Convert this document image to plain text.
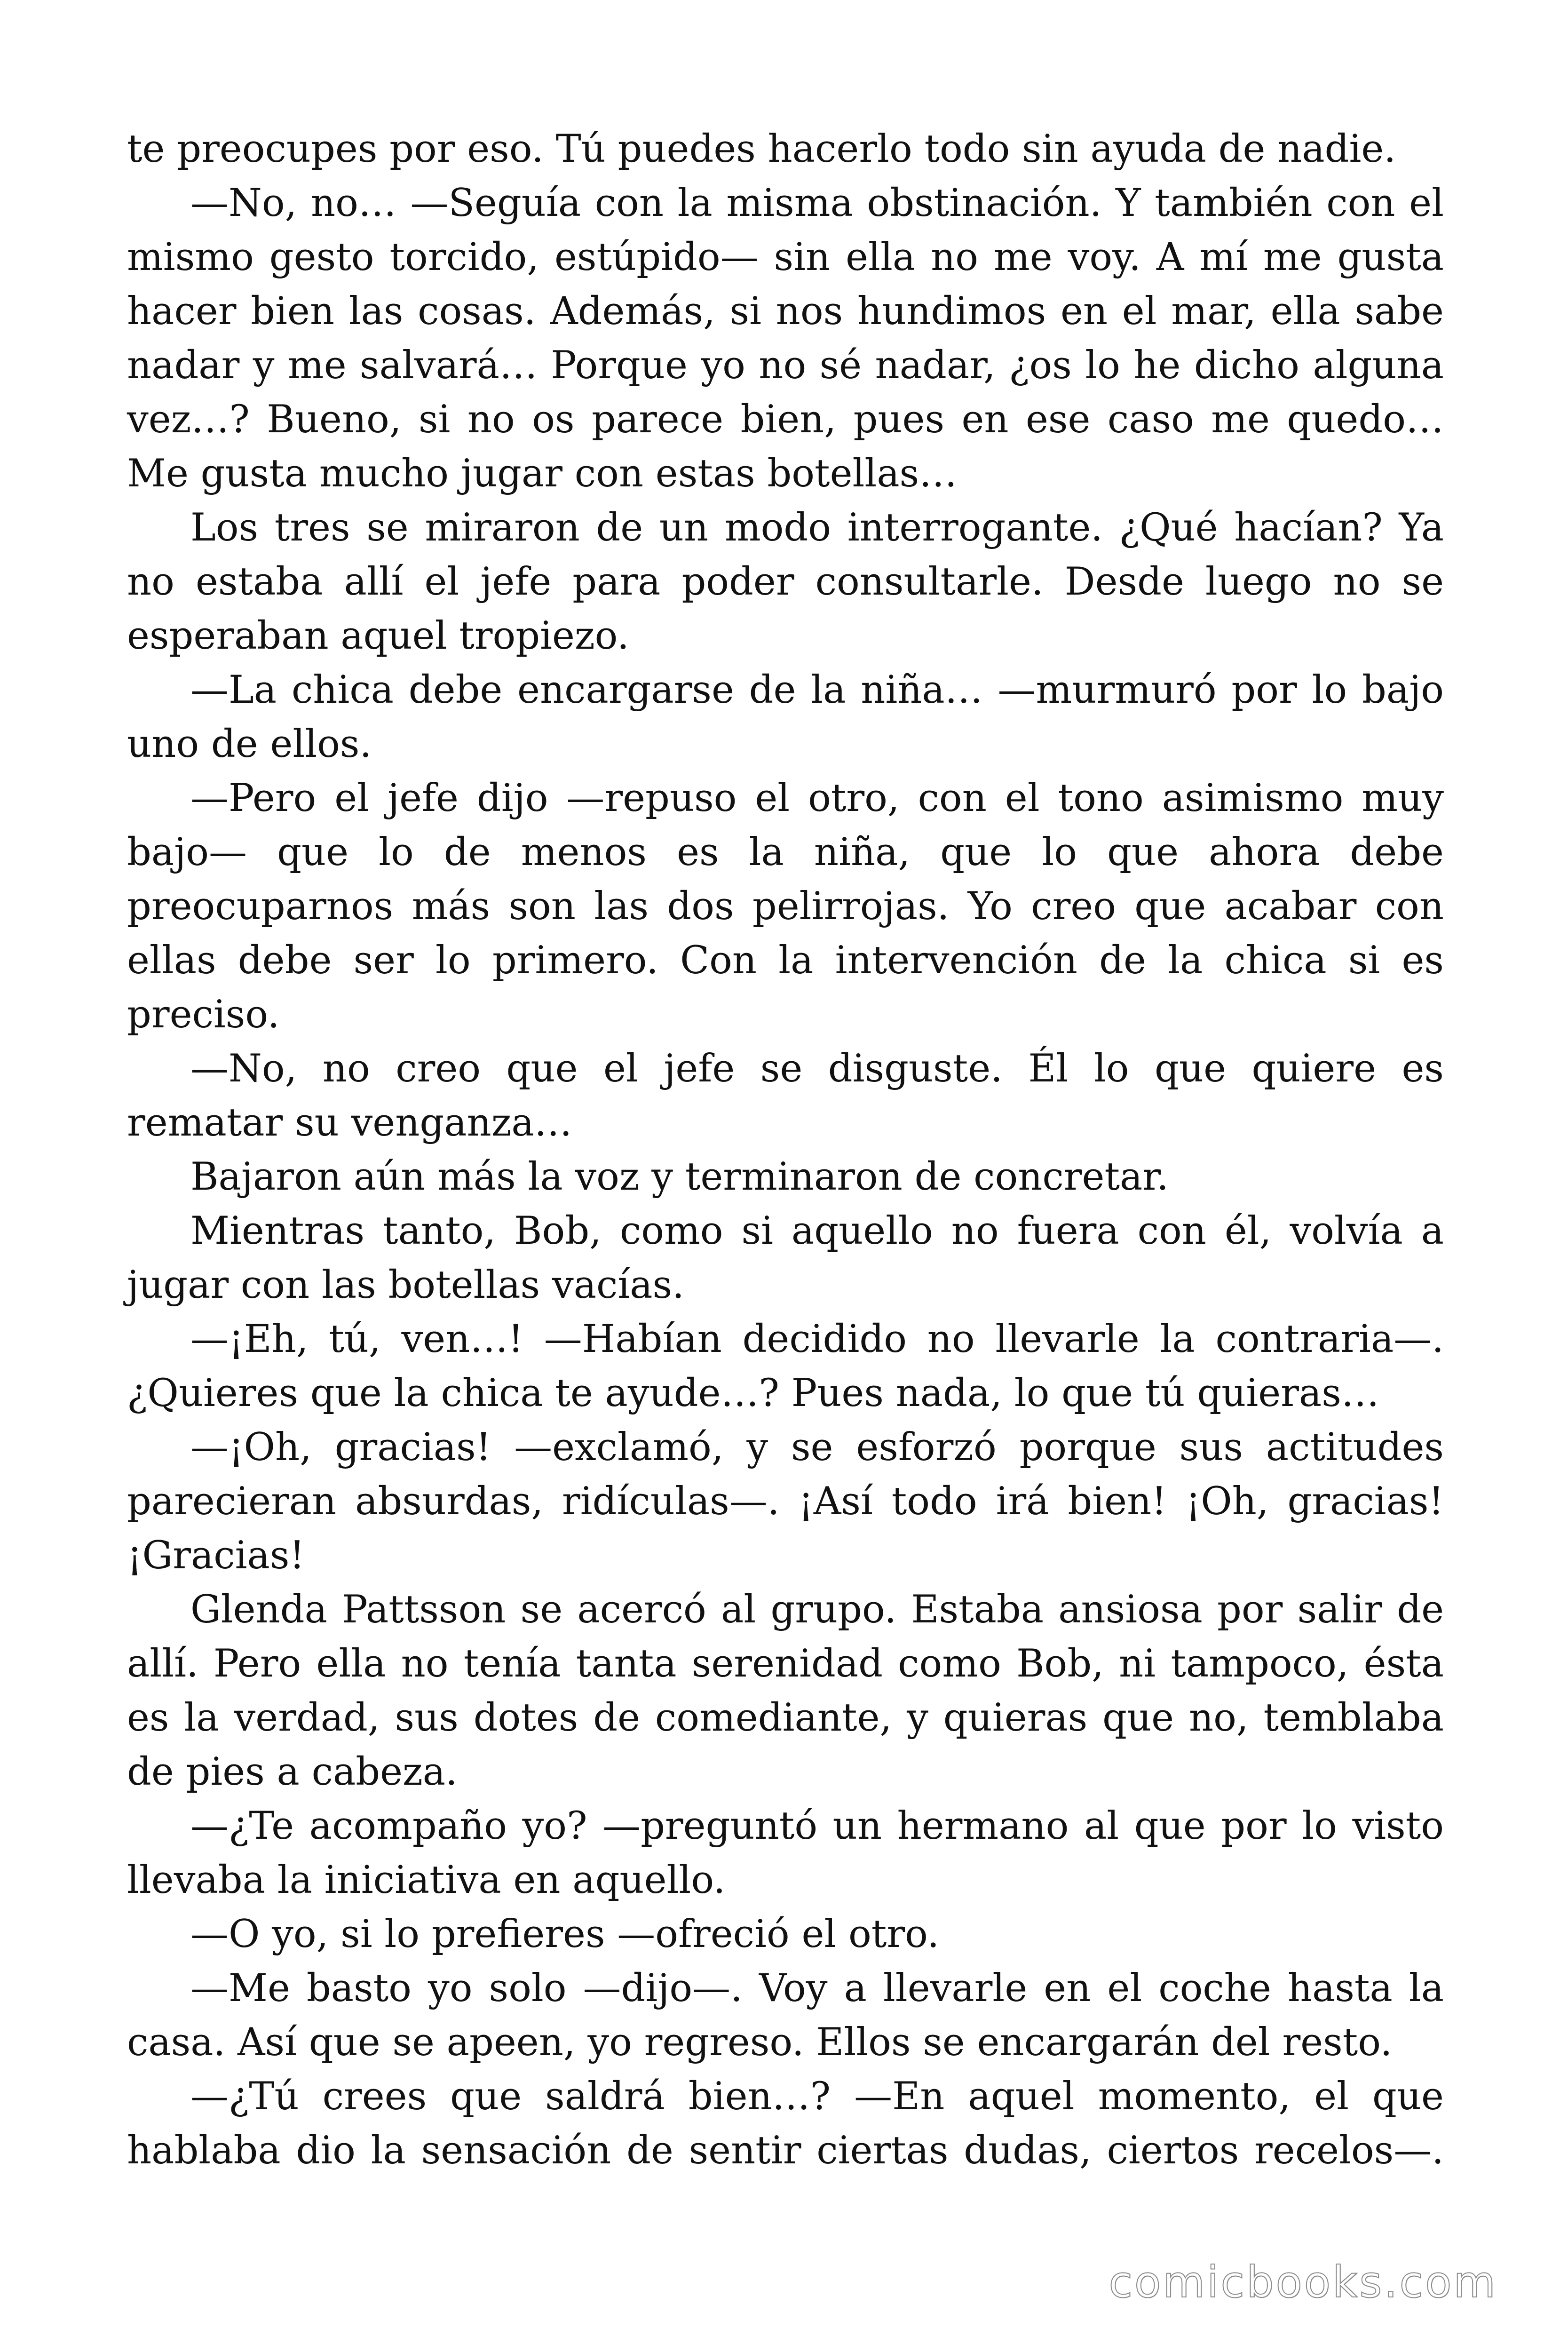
te preocupes por eso. Tú puedes hacerlo todo sin ayuda de nadie.

—No, no… —Seguía con la misma obstinación. Y también con el mismo gesto torcido, estúpido— sin ella no me voy. A mí me gusta hacer bien las cosas. Además, si nos hundimos en el mar, ella sabe nadar y me salvará… Porque yo no sé nadar, ¿os lo he dicho alguna vez…? Bueno, si no os parece bien, pues en ese caso me quedo… Me gusta mucho jugar con estas botellas…

Los tres se miraron de un modo interrogante. ¿Qué hacían? Ya no estaba allí el jefe para poder consultarle. Desde luego no se esperaban aquel tropiezo.

—La chica debe encargarse de la niña… —murmuró por lo bajo uno de ellos.

—Pero el jefe dijo —repuso el otro, con el tono asimismo muy bajo— que lo de menos es la niña, que lo que ahora debe preocuparnos más son las dos pelirrojas. Yo creo que acabar con ellas debe ser lo primero. Con la intervención de la chica si es preciso.

—No, no creo que el jefe se disguste. Él lo que quiere es rematar su venganza…

Bajaron aún más la voz y terminaron de concretar.

Mientras tanto, Bob, como si aquello no fuera con él, volvía a jugar con las botellas vacías.

—¡Eh, tú, ven…! —Habían decidido no llevarle la contraria—. ¿Quieres que la chica te ayude…? Pues nada, lo que tú quieras…

—¡Oh, gracias! —exclamó, y se esforzó porque sus actitudes parecieran absurdas, ridículas—. ¡Así todo irá bien! ¡Oh, gracias! ¡Gracias!

Glenda Pattsson se acercó al grupo. Estaba ansiosa por salir de allí. Pero ella no tenía tanta serenidad como Bob, ni tampoco, ésta es la verdad, sus dotes de comediante, y quieras que no, temblaba de pies a cabeza.

—¿Te acompaño yo? —preguntó un hermano al que por lo visto llevaba la iniciativa en aquello.

—O yo, si lo prefieres —ofreció el otro.

—Me basto yo solo —dijo—. Voy a llevarle en el coche hasta la casa. Así que se apeen, yo regreso. Ellos se encargarán del resto.

—¿Tú crees que saldrá bien…? —En aquel momento, el que hablaba dio la sensación de sentir ciertas dudas, ciertos recelos—.

comicbooks.com
